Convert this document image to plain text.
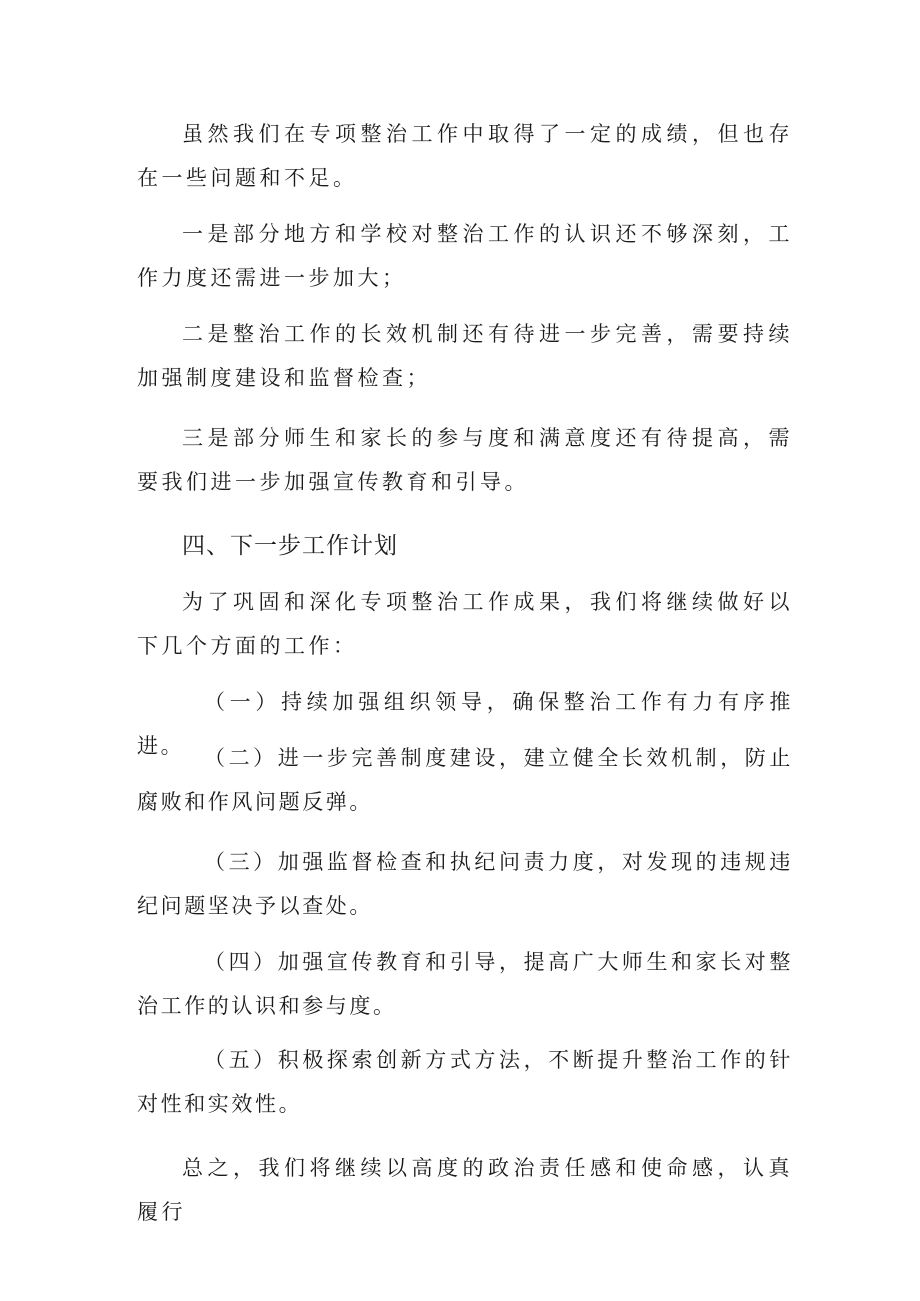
虽然我们在专项整治工作中取得了一定的成绩，但也存在一些问题和不足。

一是部分地方和学校对整治工作的认识还不够深刻，工作力度还需进一步加大；

二是整治工作的长效机制还有待进一步完善，需要持续加强制度建设和监督检查；

三是部分师生和家长的参与度和满意度还有待提高，需要我们进一步加强宣传教育和引导。

四、下一步工作计划

为了巩固和深化专项整治工作成果，我们将继续做好以下几个方面的工作：

（一）持续加强组织领导，确保整治工作有力有序推进。 （二）进一步完善制度建设，建立健全长效机制，防止腐败和作风问题反弹。

（三）加强监督检查和执纪问责力度，对发现的违规违纪问题坚决予以查处。

（四）加强宣传教育和引导，提高广大师生和家长对整治工作的认识和参与度。

（五）积极探索创新方式方法，不断提升整治工作的针对性和实效性。

总之，我们将继续以高度的政治责任感和使命感，认真履行
